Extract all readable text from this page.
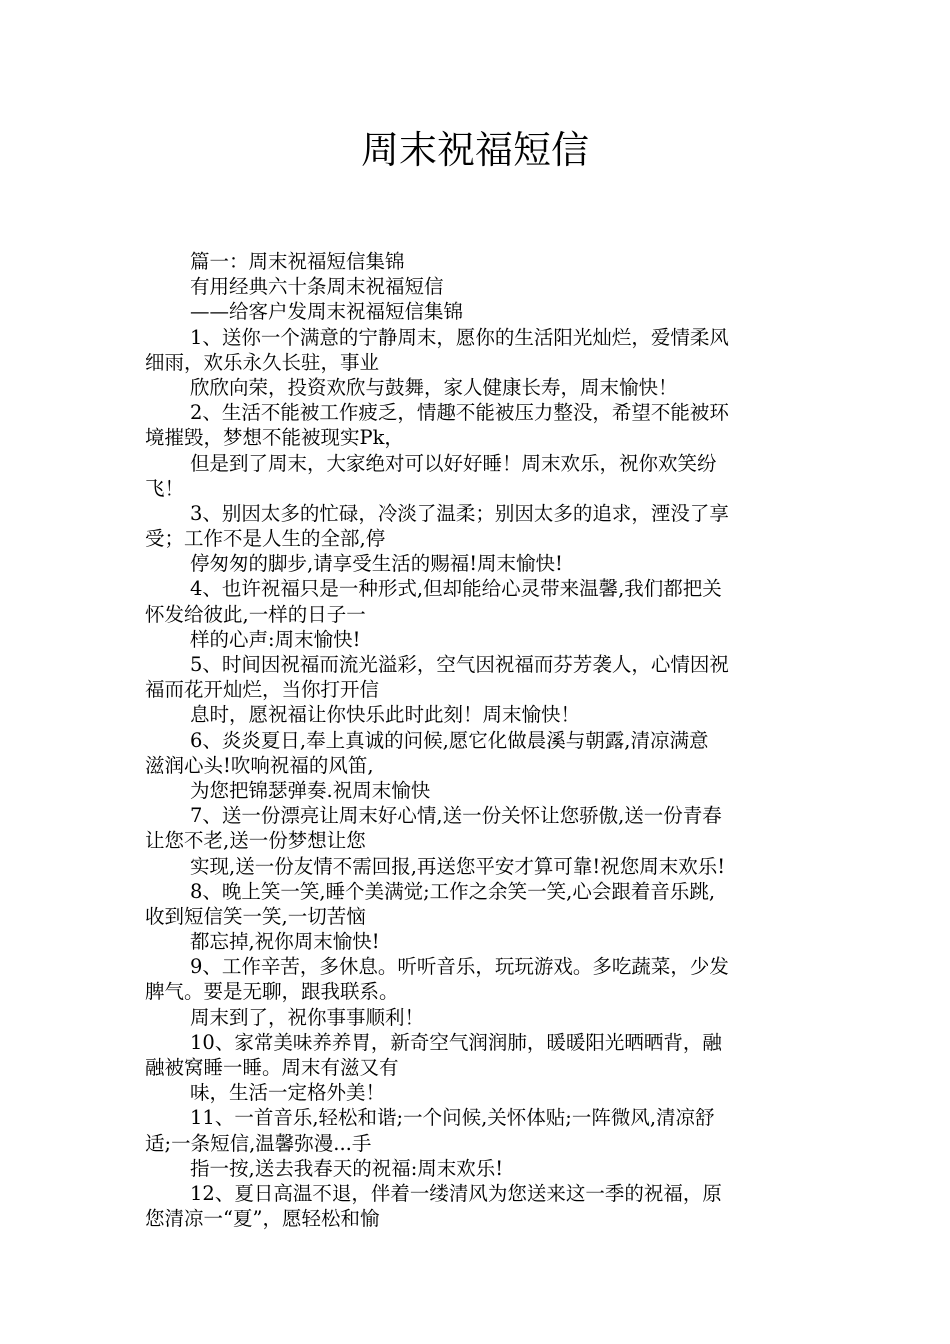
周末祝福短信
篇一：周末祝福短信集锦
有用经典六十条周末祝福短信
——给客户发周末祝福短信集锦
1、送你一个满意的宁静周末，愿你的生活阳光灿烂，爱情柔风
细雨，欢乐永久长驻，事业
欣欣向荣，投资欢欣与鼓舞，家人健康长寿，周末愉快！
2、生活不能被工作疲乏，情趣不能被压力整没，希望不能被环
境摧毁，梦想不能被现实Pk，
但是到了周末，大家绝对可以好好睡！周末欢乐，祝你欢笑纷
飞！
3、别因太多的忙碌，冷淡了温柔；别因太多的追求，湮没了享
受；工作不是人生的全部,停
停匆匆的脚步,请享受生活的赐福!周末愉快!
4、也许祝福只是一种形式,但却能给心灵带来温馨,我们都把关
怀发给彼此,一样的日子一
样的心声:周末愉快!
5、时间因祝福而流光溢彩，空气因祝福而芬芳袭人，心情因祝
福而花开灿烂，当你打开信
息时，愿祝福让你快乐此时此刻！周末愉快！
6、炎炎夏日,奉上真诚的问候,愿它化做晨溪与朝露,清凉满意
滋润心头!吹响祝福的风笛,
为您把锦瑟弹奏.祝周末愉快
7、送一份漂亮让周末好心情,送一份关怀让您骄傲,送一份青春
让您不老,送一份梦想让您
实现,送一份友情不需回报,再送您平安才算可靠!祝您周末欢乐!
8、晚上笑一笑,睡个美满觉;工作之余笑一笑,心会跟着音乐跳,
收到短信笑一笑,一切苦恼
都忘掉,祝你周末愉快!
9、工作辛苦，多休息。听听音乐，玩玩游戏。多吃蔬菜，少发
脾气。要是无聊，跟我联系。
周末到了，祝你事事顺利！
10、家常美味养养胃，新奇空气润润肺，暖暖阳光晒晒背，融
融被窝睡一睡。周末有滋又有
味，生活一定格外美！
11、一首音乐,轻松和谐;一个问候,关怀体贴;一阵微风,清凉舒
适;一条短信,温馨弥漫...手
指一按,送去我春天的祝福:周末欢乐!
12、夏日高温不退，伴着一缕清风为您送来这一季的祝福，原
您清凉一“夏”，愿轻松和愉
